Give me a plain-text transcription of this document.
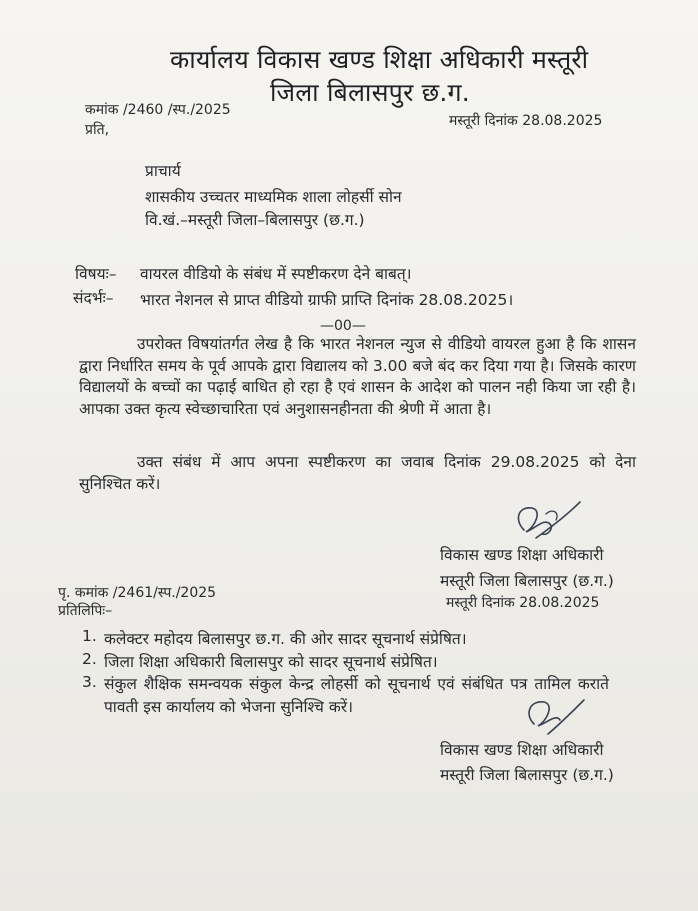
कार्यालय विकास खण्ड शिक्षा अधिकारी मस्तूरी
जिला बिलासपुर छ.ग.
कमांक /2460 /स्प./2025
प्रति,
मस्तूरी दिनांक 28.08.2025
प्राचार्य
शासकीय उच्चतर माध्यमिक शाला लोहर्सी सोन
वि.खं.–मस्तूरी जिला–बिलासपुर (छ.ग.)
विषयः– वायरल वीडियो के संबंध में स्पष्टीकरण देने बाबत्।
संदर्भः– भारत नेशनल से प्राप्त वीडियो ग्राफी प्राप्ति दिनांक 28.08.2025।
—00—
उपरोक्त विषयांतर्गत लेख है कि भारत नेशनल न्युज से वीडियो वायरल हुआ है कि शासन द्वारा निर्धारित समय के पूर्व आपके द्वारा विद्यालय को 3.00 बजे बंद कर दिया गया है। जिसके कारण विद्यालयों के बच्चों का पढ़ाई बाधित हो रहा है एवं शासन के आदेश को पालन नही किया जा रही है। आपका उक्त कृत्य स्वेच्छाचारिता एवं अनुशासनहीनता की श्रेणी में आता है।
उक्त संबंध में आप अपना स्पष्टीकरण का जवाब दिनांक 29.08.2025 को देना सुनिश्चित करें।
विकास खण्ड शिक्षा अधिकारी
मस्तूरी जिला बिलासपुर (छ.ग.)
मस्तूरी दिनांक 28.08.2025
पृ. कमांक /2461/स्प./2025
प्रतिलिपिः–
1. कलेक्टर महोदय बिलासपुर छ.ग. की ओर सादर सूचनार्थ संप्रेषित।
2. जिला शिक्षा अधिकारी बिलासपुर को सादर सूचनार्थ संप्रेषित।
3. संकुल शैक्षिक समन्वयक संकुल केन्द्र लोहर्सी को सूचनार्थ एवं संबंधित पत्र तामिल कराते पावती इस कार्यालय को भेजना सुनिश्चि करें।
विकास खण्ड शिक्षा अधिकारी
मस्तूरी जिला बिलासपुर (छ.ग.)
